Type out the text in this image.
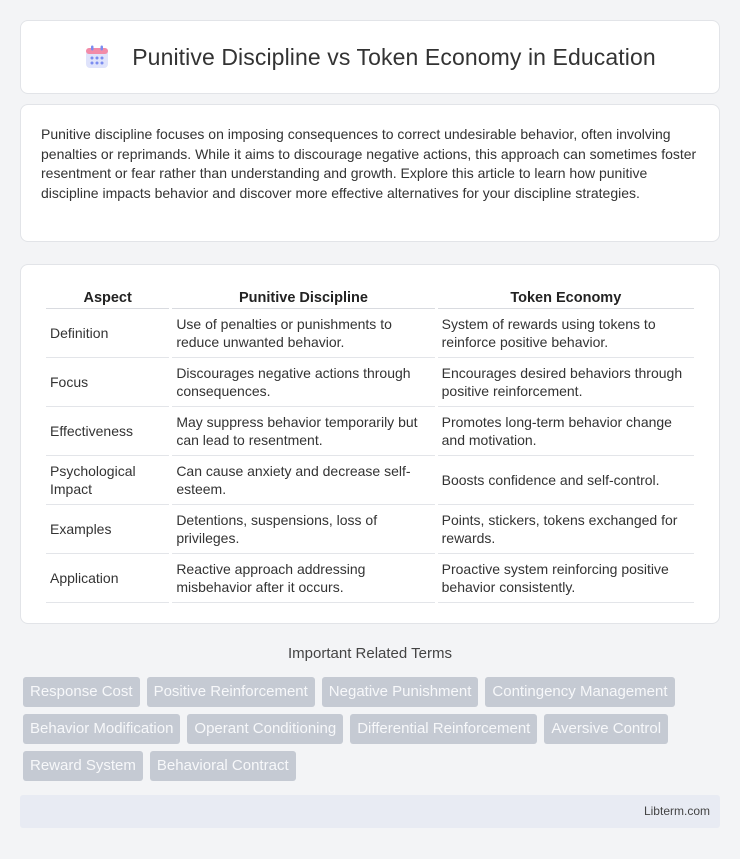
Punitive Discipline vs Token Economy in Education

Punitive discipline focuses on imposing consequences to correct undesirable behavior, often involving penalties or reprimands. While it aims to discourage negative actions, this approach can sometimes foster resentment or fear rather than understanding and growth. Explore this article to learn how punitive discipline impacts behavior and discover more effective alternatives for your discipline strategies.

Aspect	Punitive Discipline	Token Economy
Definition	Use of penalties or punishments to reduce unwanted behavior.	System of rewards using tokens to reinforce positive behavior.
Focus	Discourages negative actions through consequences.	Encourages desired behaviors through positive reinforcement.
Effectiveness	May suppress behavior temporarily but can lead to resentment.	Promotes long-term behavior change and motivation.
Psychological Impact	Can cause anxiety and decrease self-esteem.	Boosts confidence and self-control.
Examples	Detentions, suspensions, loss of privileges.	Points, stickers, tokens exchanged for rewards.
Application	Reactive approach addressing misbehavior after it occurs.	Proactive system reinforcing positive behavior consistently.
Important Related Terms
Response Cost	Positive Reinforcement	Negative Punishment	Contingency Management
Behavior Modification	Operant Conditioning	Differential Reinforcement	Aversive Control
Reward System	Behavioral Contract
Libterm.com
